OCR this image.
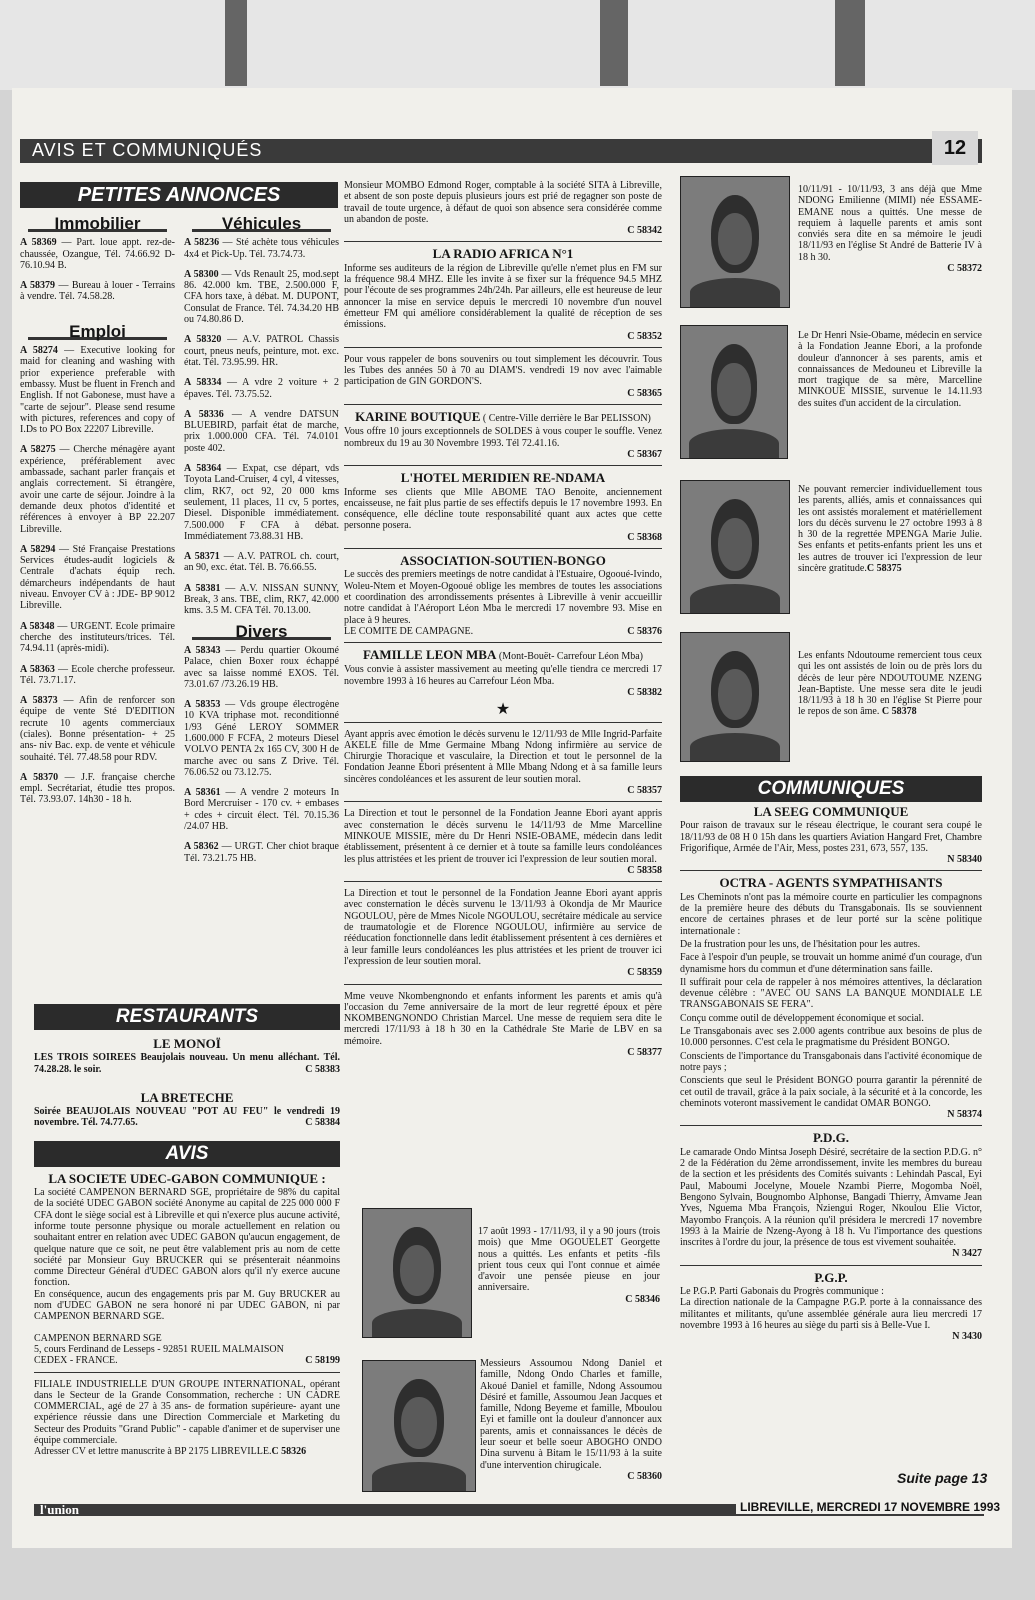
AVIS ET COMMUNIQUÉS	12
PETITES ANNONCES
Immobilier
A 58369 — Part. loue appt. rez-de-chaussée, Ozangue, Tél. 74.66.92 D- 76.10.94 B.
A 58379 — Bureau à louer - Terrains à vendre. Tél. 74.58.28.
Emploi
A 58274 — Executive looking for maid for cleaning and washing with prior experience preferable with embassy. Must be fluent in French and English. If not Gabonese, must have a "carte de sejour". Please send resume with pictures, references and copy of I.Ds to PO Box 22207 Libreville.
A 58275 — Cherche ménagère ayant expérience, préférablement avec ambassade, sachant parler français et anglais correctement. Si étrangère, avoir une carte de séjour. Joindre à la demande deux photos d'identité et références à envoyer à BP 22.207 Libreville.
A 58294 — Sté Française Prestations Services études-audit logiciels & Centrale d'achats équip rech. démarcheurs indépendants de haut niveau. Envoyer CV à : JDE- BP 9012 Libreville.
A 58348 — URGENT. Ecole primaire cherche des instituteurs/trices. Tél. 74.94.11 (après-midi).
A 58363 — Ecole cherche professeur. Tél. 73.71.17.
A 58373 — Afin de renforcer son équipe de vente Sté D'EDITION recrute 10 agents commerciaux (ciales). Bonne présentation- + 25 ans- niv Bac. exp. de vente et véhicule souhaité. Tél. 77.48.58 pour RDV.
A 58370 — J.F. française cherche empl. Secrétariat, étudie ttes propos. Tél. 73.93.07. 14h30 - 18 h.
Véhicules
A 58236 — Sté achète tous véhicules 4x4 et Pick-Up. Tél. 73.74.73.
A 58300 — Vds Renault 25, mod.sept 86. 42.000 km. TBE, 2.500.000 F, CFA hors taxe, à débat. M. DUPONT, Consulat de France. Tél. 74.34.20 HB ou 74.80.86 D.
A 58320 — A.V. PATROL Chassis court, pneus neufs, peinture, mot. exc. état. Tél. 73.95.99. HR.
A 58334 — A vdre 2 voiture + 2 épaves. Tél. 73.75.52.
A 58336 — A vendre DATSUN BLUEBIRD, parfait état de marche, prix 1.000.000 CFA. Tél. 74.0101 poste 402.
A 58364 — Expat, cse départ, vds Toyota Land-Cruiser, 4 cyl, 4 vitesses, clim, RK7, oct 92, 20 000 kms seulement, 11 places, 11 cv, 5 portes, Diesel. Disponible immédiatement. 7.500.000 F CFA à débat. Immédiatement 73.88.31 HB.
A 58371 — A.V. PATROL ch. court, an 90, exc. état. Tél. B. 76.66.55.
A 58381 — A.V. NISSAN SUNNY, Break, 3 ans. TBE, clim, RK7, 42.000 kms. 3.5 M. CFA Tél. 70.13.00.
Divers
A 58343 — Perdu quartier Okoumé Palace, chien Boxer roux échappé avec sa laisse nommé EXOS. Tél. 73.01.67 /73.26.19 HB.
A 58353 — Vds groupe électrogène 10 KVA triphase mot. reconditionné 1/93 Géné LEROY SOMMER 1.600.000 F FCFA, 2 moteurs Diesel VOLVO PENTA 2x 165 CV, 300 H de marche avec ou sans Z Drive. Tél. 76.06.52 ou 73.12.75.
A 58361 — A vendre 2 moteurs In Bord Mercruiser - 170 cv. + embases + cdes + circuit élect. Tél. 70.15.36 /24.07 HB.
A 58362 — URGT. Cher chiot braque Tél. 73.21.75 HB.
RESTAURANTS
LE MONOÏ
LES TROIS SOIREES Beaujolais nouveau. Un menu alléchant. Tél. 74.28.28. le soir.	C 58383
LA BRETECHE
Soirée BEAUJOLAIS NOUVEAU "POT AU FEU" le vendredi 19 novembre. Tél. 74.77.65.	C 58384
AVIS
LA SOCIETE UDEC-GABON COMMUNIQUE :

La société CAMPENON BERNARD SGE, propriétaire de 98% du capital de la société UDEC GABON société Anonyme au capital de 225 000 000 F CFA dont le siège social est à Libreville et qui n'exerce plus aucune activité, informe toute personne physique ou morale actuellement en relation ou souhaitant entrer en relation avec UDEC GABON qu'aucun engagement, de quelque nature que ce soit, ne peut être valablement pris au nom de cette société par Monsieur Guy BRUCKER qui se présenterait néanmoins comme Directeur Général d'UDEC GABON alors qu'il n'y exerce aucune fonction.

En conséquence, aucun des engagements pris par M. Guy BRUCKER au nom d'UDEC GABON ne sera honoré ni par UDEC GABON, ni par CAMPENON BERNARD SGE.

CAMPENON BERNARD SGE
5, cours Ferdinand de Lesseps - 92851 RUEIL MALMAISON
CEDEX - FRANCE.	C 58199
FILIALE INDUSTRIELLE D'UN GROUPE INTERNATIONAL, opérant dans le Secteur de la Grande Consommation, recherche : UN CADRE COMMERCIAL, agé de 27 à 35 ans- de formation supérieure- ayant une expérience réussie dans une Direction Commerciale et Marketing du Secteur des Produits "Grand Public" - capable d'animer et de superviser une équipe commerciale.
Adresser CV et lettre manuscrite à BP 2175 LIBREVILLE.C 58326
Monsieur MOMBO Edmond Roger, comptable à la société SITA à Libreville, et absent de son poste depuis plusieurs jours est prié de regagner son poste de travail de toute urgence, à défaut de quoi son absence sera considérée comme un abandon de poste.
C 58342
LA RADIO AFRICA N°1
Informe ses auditeurs de la région de Libreville qu'elle n'emet plus en FM sur la fréquence 98.4 MHZ. Elle les invite à se fixer sur la fréquence 94.5 MHZ pour l'écoute de ses programmes 24h/24h. Par ailleurs, elle est heureuse de leur annoncer la mise en service depuis le mercredi 10 novembre d'un nouvel émetteur FM qui améliore considérablement la qualité de réception de ses émissions.
C 58352
Pour vous rappeler de bons souvenirs ou tout simplement les découvrir. Tous les Tubes des années 50 à 70 au DIAM'S. vendredi 19 nov avec l'aimable participation de GIN GORDON'S.
C 58365
KARINE BOUTIQUE ( Centre-Ville derrière le Bar PELISSON)
Vous offre 10 jours exceptionnels de SOLDES à vous couper le souffle. Venez nombreux du 19 au 30 Novembre 1993. Tél 72.41.16.
C 58367
L'HOTEL MERIDIEN RE-NDAMA
Informe ses clients que Mlle ABOME TAO Benoite, anciennement encaisseuse, ne fait plus partie de ses effectifs depuis le 17 novembre 1993. En conséquence, elle décline toute responsabilité quant aux actes que cette personne posera.
C 58368
ASSOCIATION-SOUTIEN-BONGO
Le succès des premiers meetings de notre candidat à l'Estuaire, Ogooué-Ivindo, Woleu-Ntem et Moyen-Ogooué oblige les membres de toutes les associations et coordination des arrondissements présentes à Libreville à venir accueillir notre candidat à l'Aéroport Léon Mba le mercredi 17 novembre 93. Mise en place à 9 heures.
LE COMITE DE CAMPAGNE.	C 58376
FAMILLE LEON MBA (Mont-Bouët- Carrefour Léon Mba)
Vous convie à assister massivement au meeting qu'elle tiendra ce mercredi 17 novembre 1993 à 16 heures au Carrefour Léon Mba.
C 58382
★
Ayant appris avec émotion le décès survenu le 12/11/93 de Mlle Ingrid-Parfaite AKELE fille de Mme Germaine Mbang Ndong infirmière au service de Chirurgie Thoracique et vasculaire, la Direction et tout le personnel de la Fondation Jeanne Ebori présentent à Mlle Mbang Ndong et à sa famille leurs sincères condoléances et les assurent de leur soutien moral.
C 58357
La Direction et tout le personnel de la Fondation Jeanne Ebori ayant appris avec consternation le décès survenu le 14/11/93 de Mme Marcelline MINKOUE MISSIE, mère du Dr Henri NSIE-OBAME, médecin dans ledit établissement, présentent à ce dernier et à toute sa famille leurs condoléances les plus attristées et les prient de trouver ici l'expression de leur soutien moral.
C 58358
La Direction et tout le personnel de la Fondation Jeanne Ebori ayant appris avec consternation le décès survenu le 13/11/93 à Okondja de Mr Maurice NGOULOU, père de Mmes Nicole NGOULOU, secrétaire médicale au service de traumatologie et de Florence NGOULOU, infirmière au service de rééducation fonctionnelle dans ledit établissement présentent à ces dernières et à leur famille leurs condoléances les plus attristées et les prient de trouver ici l'expression de leur soutien moral.
C 58359
Mme veuve Nkombengnondo et enfants informent les parents et amis qu'à l'occasion du 7eme anniversaire de la mort de leur regretté époux et père NKOMBENGNONDO Christian Marcel. Une messe de requiem sera dite le mercredi 17/11/93 à 18 h 30 en la Cathédrale Ste Marie de LBV en sa mémoire.
C 58377
17 août 1993 - 17/11/93, il y a 90 jours (trois mois) que Mme OGOUELET Georgette nous a quittés. Les enfants et petits -fils prient tous ceux qui l'ont connue et aimée d'avoir une pensée pieuse en jour anniversaire.
C 58346
Messieurs Assoumou Ndong Daniel et famille, Ndong Ondo Charles et famille, Akoué Daniel et famille, Ndong Assoumou Désiré et famille, Assoumou Jean Jacques et famille, Ndong Beyeme et famille, Mboulou Eyi et famille ont la douleur d'annoncer aux parents, amis et connaissances le décès de leur soeur et belle soeur ABOGHO ONDO Dina survenu à Bitam le 15/11/93 à la suite d'une intervention chirugicale.
C 58360
10/11/91 - 10/11/93, 3 ans déjà que Mme NDONG Emilienne (MIMI) née ESSAME-EMANE nous a quittés. Une messe de requiem à laquelle parents et amis sont conviés sera dite en sa mémoire le jeudi 18/11/93 en l'église St André de Batterie IV à 18 h 30.
C 58372
Le Dr Henri Nsie-Obame, médecin en service à la Fondation Jeanne Ebori, a la profonde douleur d'annoncer à ses parents, amis et connaissances de Medouneu et Libreville la mort tragique de sa mère, Marcelline MINKOUE MISSIE, survenue le 14.11.93 des suites d'un accident de la circulation.
Ne pouvant remercier individuellement tous les parents, alliés, amis et connaissances qui les ont assistés moralement et matériellement lors du décès survenu le 27 octobre 1993 à 8 h 30 de la regrettée MPENGA Marie Julie. Ses enfants et petits-enfants prient les uns et les autres de trouver ici l'expression de leur sincère gratitude.C 58375
Les enfants Ndoutoume remercient tous ceux qui les ont assistés de loin ou de près lors du décès de leur père NDOUTOUME NZENG Jean-Baptiste. Une messe sera dite le jeudi 18/11/93 à 18 h 30 en l'église St Pierre pour le repos de son âme. C 58378
COMMUNIQUES
LA SEEG COMMUNIQUE
Pour raison de travaux sur le réseau électrique, le courant sera coupé le 18/11/93 de 08 H 0 15h dans les quartiers Aviation Hangard Fret, Chambre Frigorifique, Armée de l'Air, Mess, postes 231, 673, 557, 135.
N 58340
OCTRA - AGENTS SYMPATHISANTS

Les Cheminots n'ont pas la mémoire courte en particulier les compagnons de la première heure des débuts du Transgabonais. Ils se souviennent encore de certaines phrases et de leur porté sur la scène politique internationale :

De la frustration pour les uns, de l'hésitation pour les autres.

Face à l'espoir d'un peuple, se trouvait un homme animé d'un courage, d'un dynamisme hors du commun et d'une détermination sans faille.

Il suffirait pour cela de rappeler à nos mémoires attentives, la déclaration devenue célèbre : "AVEC OU SANS LA BANQUE MONDIALE LE TRANSGABONAIS SE FERA".

Conçu comme outil de développement économique et social.

Le Transgabonais avec ses 2.000 agents contribue aux besoins de plus de 10.000 personnes. C'est cela le pragmatisme du Président BONGO.

Conscients de l'importance du Transgabonais dans l'activité économique de notre pays ;

Conscients que seul le Président BONGO pourra garantir la pérennité de cet outil de travail, grâce à la paix sociale, à la sécurité et à la concorde, les cheminots voteront massivement le candidat OMAR BONGO.

N 58374
P.D.G.
Le camarade Ondo Mintsa Joseph Désiré, secrétaire de la section P.D.G. n° 2 de la Fédération du 2ème arrondissement, invite les membres du bureau de la section et les présidents des Comités suivants : Lehindah Pascal, Eyi Paul, Maboumi Jocelyne, Mouele Nzambi Pierre, Mogomba Noël, Bengono Sylvain, Bougnombo Alphonse, Bangadi Thierry, Amvame Jean Yves, Nguema Mba François, Nziengui Roger, Nkoulou Elie Victor, Mayombo François. A la réunion qu'il présidera le mercredi 17 novembre 1993 à la Mairie de Nzeng-Ayong à 18 h. Vu l'importance des questions inscrites à l'ordre du jour, la présence de tous est vivement souhaitée.
N 3427
P.G.P.
Le P.G.P. Parti Gabonais du Progrès communique :
La direction nationale de la Campagne P.G.P. porte à la connaissance des militantes et militants, qu'une assemblée générale aura lieu mercredi 17 novembre 1993 à 16 heures au siège du parti sis à Belle-Vue I.
N 3430
Suite page 13
l'union	LIBREVILLE, MERCREDI 17 NOVEMBRE 1993
